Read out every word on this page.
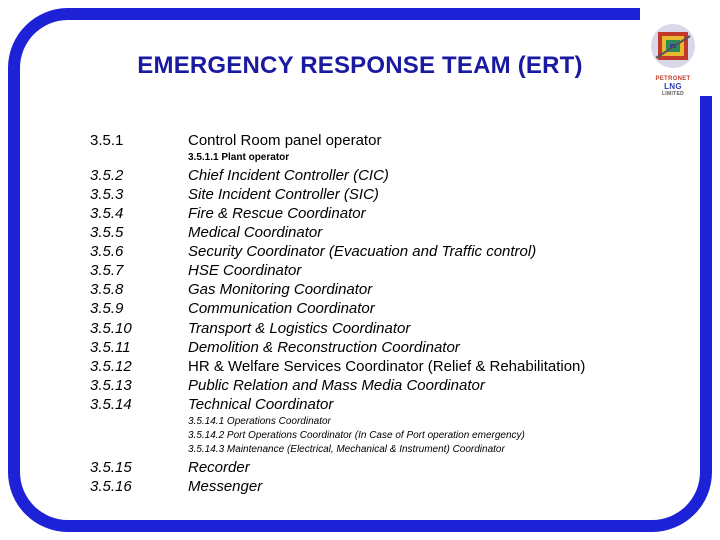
PETRONET
LNG
LIMITED
EMERGENCY RESPONSE TEAM (ERT)
3.5.1	Control Room panel operator
3.5.1.1 Plant operator
3.5.2	Chief Incident Controller (CIC)
3.5.3	Site Incident Controller (SIC)
3.5.4	Fire & Rescue Coordinator
3.5.5	Medical Coordinator
3.5.6	Security Coordinator (Evacuation and Traffic control)
3.5.7	HSE Coordinator
3.5.8	Gas Monitoring Coordinator
3.5.9	Communication Coordinator
3.5.10	Transport & Logistics Coordinator
3.5.11	Demolition & Reconstruction Coordinator
3.5.12	HR & Welfare Services Coordinator (Relief & Rehabilitation)
3.5.13	Public Relation and Mass Media Coordinator
3.5.14	Technical Coordinator
3.5.14.1 Operations Coordinator
3.5.14.2 Port Operations Coordinator (In Case of Port operation emergency)
3.5.14.3 Maintenance (Electrical, Mechanical & Instrument) Coordinator
3.5.15	Recorder
3.5.16	Messenger
